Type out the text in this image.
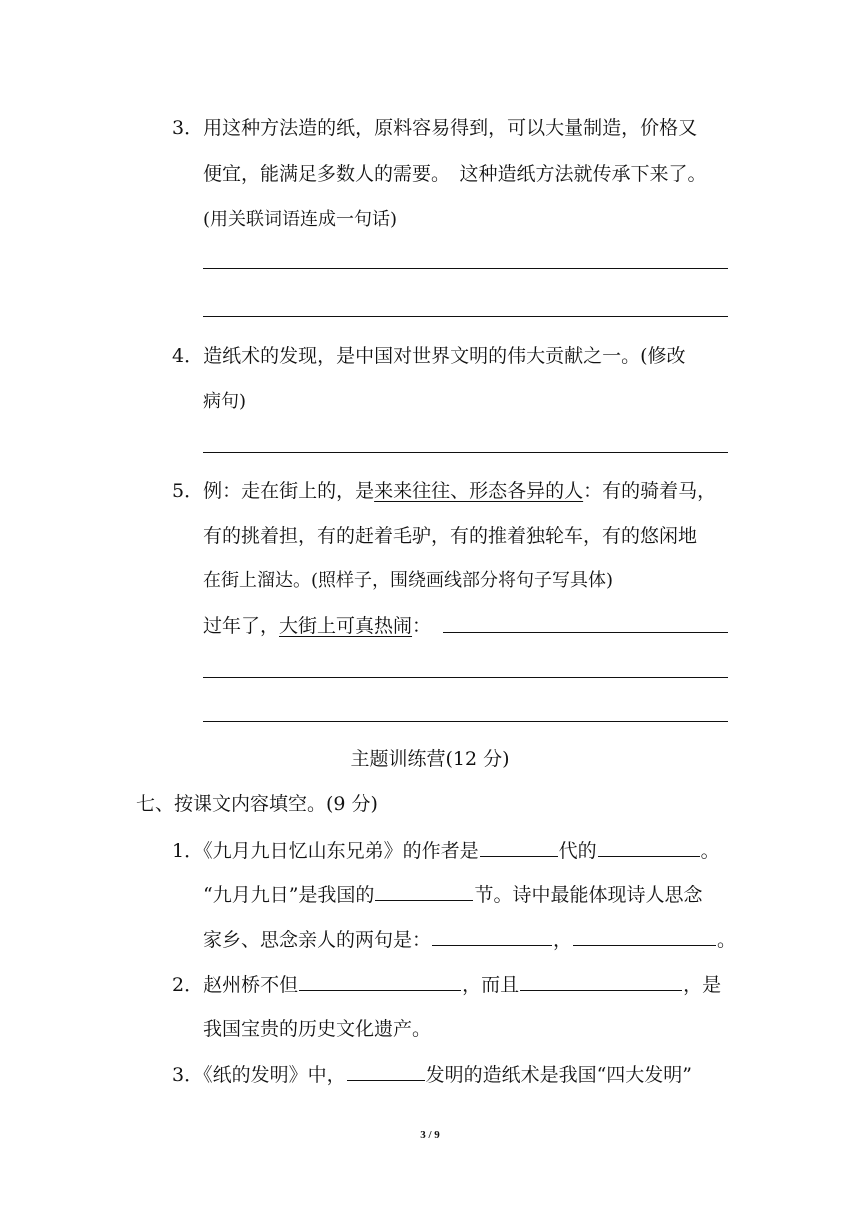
3．用这种方法造的纸，原料容易得到，可以大量制造，价格又
便宜，能满足多数人的需要。　这种造纸方法就传承下来了。
(用关联词语连成一句话)
4．造纸术的发现，是中国对世界文明的伟大贡献之一。(修改
病句)
5．例：走在街上的，是来来往往、形态各异的人：有的骑着马，
有的挑着担，有的赶着毛驴，有的推着独轮车，有的悠闲地
在街上溜达。(照样子，围绕画线部分将句子写具体)
过年了，大街上可真热闹：
主题训练营(12 分)
七、按课文内容填空。(9 分)
1．《九月九日忆山东兄弟》的作者是	代的	。
“九月九日”是我国的	节。诗中最能体现诗人思念
家乡、思念亲人的两句是：	，	。
2．赵州桥不但	，而且	，是
我国宝贵的历史文化遗产。
3．《纸的发明》中，	发明的造纸术是我国“四大发明”
3 / 9
